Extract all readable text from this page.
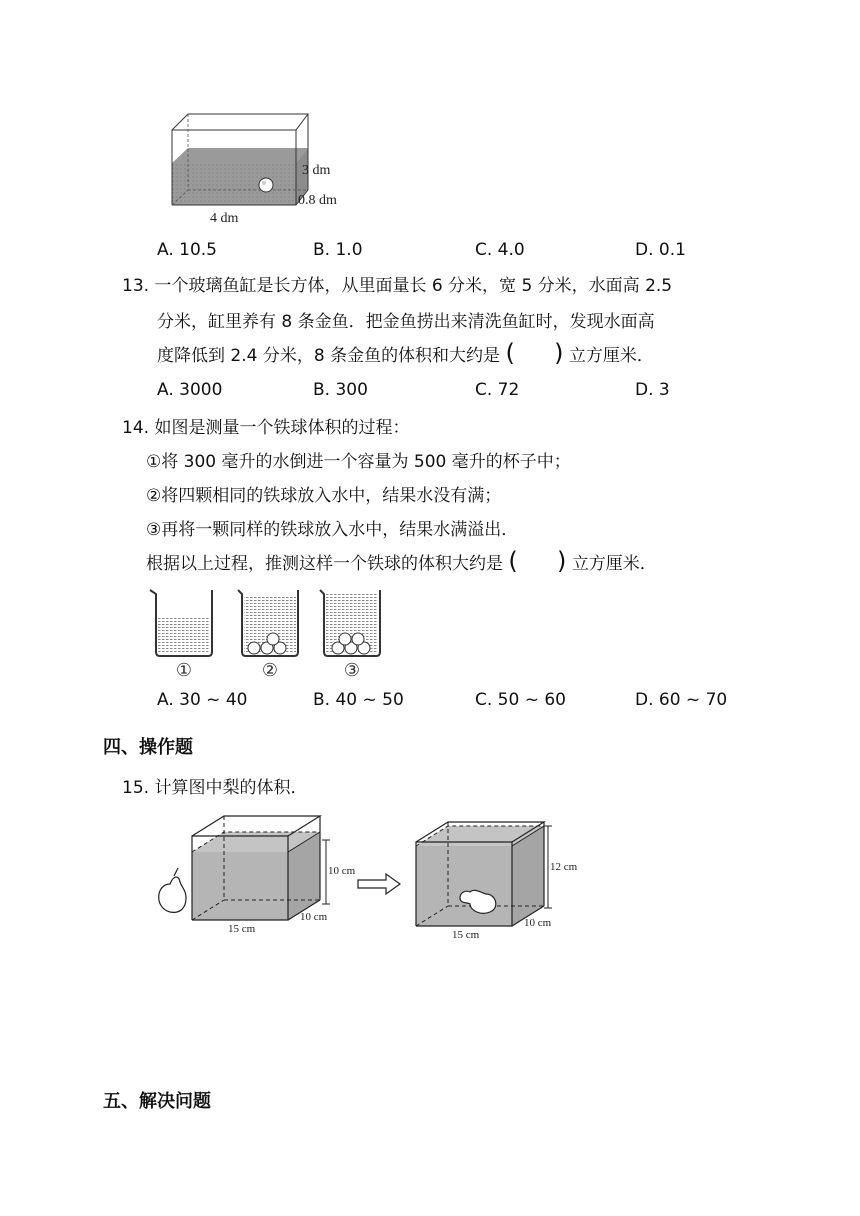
3 dm
0.8 dm
4 dm
A. 10.5	B. 1.0	C. 4.0	D. 0.1
13. 一个玻璃鱼缸是长方体，从里面量长 6 分米，宽 5 分米，水面高 2.5
分米，缸里养有 8 条金鱼．把金鱼捞出来清洗鱼缸时，发现水面高
度降低到 2.4 分米，8 条金鱼的体积和大约是 (   )	立方厘米．
A. 3000	B. 300	C. 72	D. 3
14. 如图是测量一个铁球体积的过程：
①将 300 毫升的水倒进一个容量为 500 毫升的杯子中；
②将四颗相同的铁球放入水中，结果水没有满；
③再将一颗同样的铁球放入水中，结果水满溢出．
根据以上过程，推测这样一个铁球的体积大约是 (   )	立方厘米．
①	②	③
A. 30 ~ 40	B. 40 ~ 50	C. 50 ~ 60	D. 60 ~ 70
四、操作题
15. 计算图中梨的体积．
10 cm
10 cm
15 cm
12 cm
10 cm
15 cm
五、解决问题
